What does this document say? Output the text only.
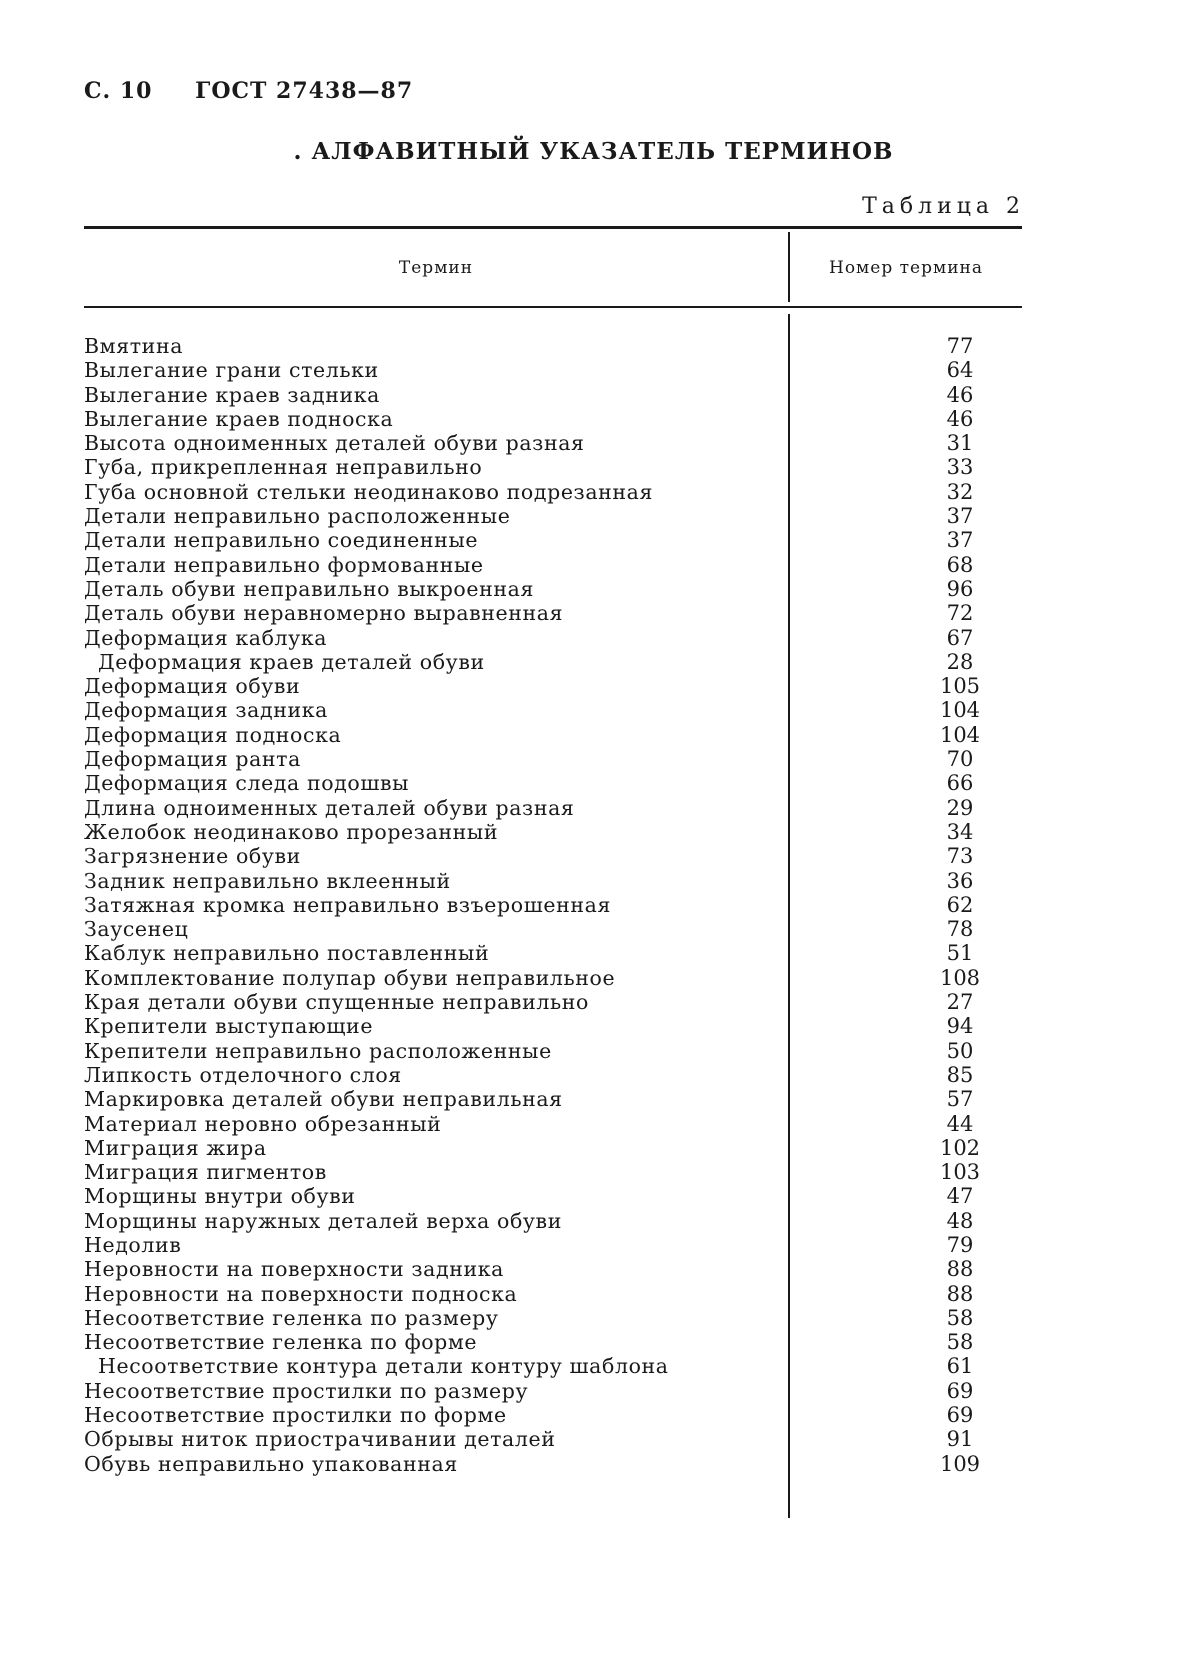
С. 10 ГОСТ 27438—87
. АЛФАВИТНЫЙ УКАЗАТЕЛЬ ТЕРМИНОВ
Таблица 2
Термин	Номер термина
Вмятина	77
Вылегание грани стельки	64
Вылегание краев задника	46
Вылегание краев подноска	46
Высота одноименных деталей обуви разная	31
Губа, прикрепленная неправильно	33
Губа основной стельки неодинаково подрезанная	32
Детали неправильно расположенные	37
Детали неправильно соединенные	37
Детали неправильно формованные	68
Деталь обуви неправильно выкроенная	96
Деталь обуви неравномерно выравненная	72
Деформация каблука	67
Деформация краев деталей обуви	28
Деформация обуви	105
Деформация задника	104
Деформация подноска	104
Деформация ранта	70
Деформация следа подошвы	66
Длина одноименных деталей обуви разная	29
Желобок неодинаково прорезанный	34
Загрязнение обуви	73
Задник неправильно вклеенный	36
Затяжная кромка неправильно взъерошенная	62
Заусенец	78
Каблук неправильно поставленный	51
Комплектование полупар обуви неправильное	108
Края детали обуви спущенные неправильно	27
Крепители выступающие	94
Крепители неправильно расположенные	50
Липкость отделочного слоя	85
Маркировка деталей обуви неправильная	57
Материал неровно обрезанный	44
Миграция жира	102
Миграция пигментов	103
Морщины внутри обуви	47
Морщины наружных деталей верха обуви	48
Недолив	79
Неровности на поверхности задника	88
Неровности на поверхности подноска	88
Несоответствие геленка по размеру	58
Несоответствие геленка по форме	58
Несоответствие контура детали контуру шаблона	61
Несоответствие простилки по размеру	69
Несоответствие простилки по форме	69
Обрывы ниток приострачивании деталей	91
Обувь неправильно упакованная	109
